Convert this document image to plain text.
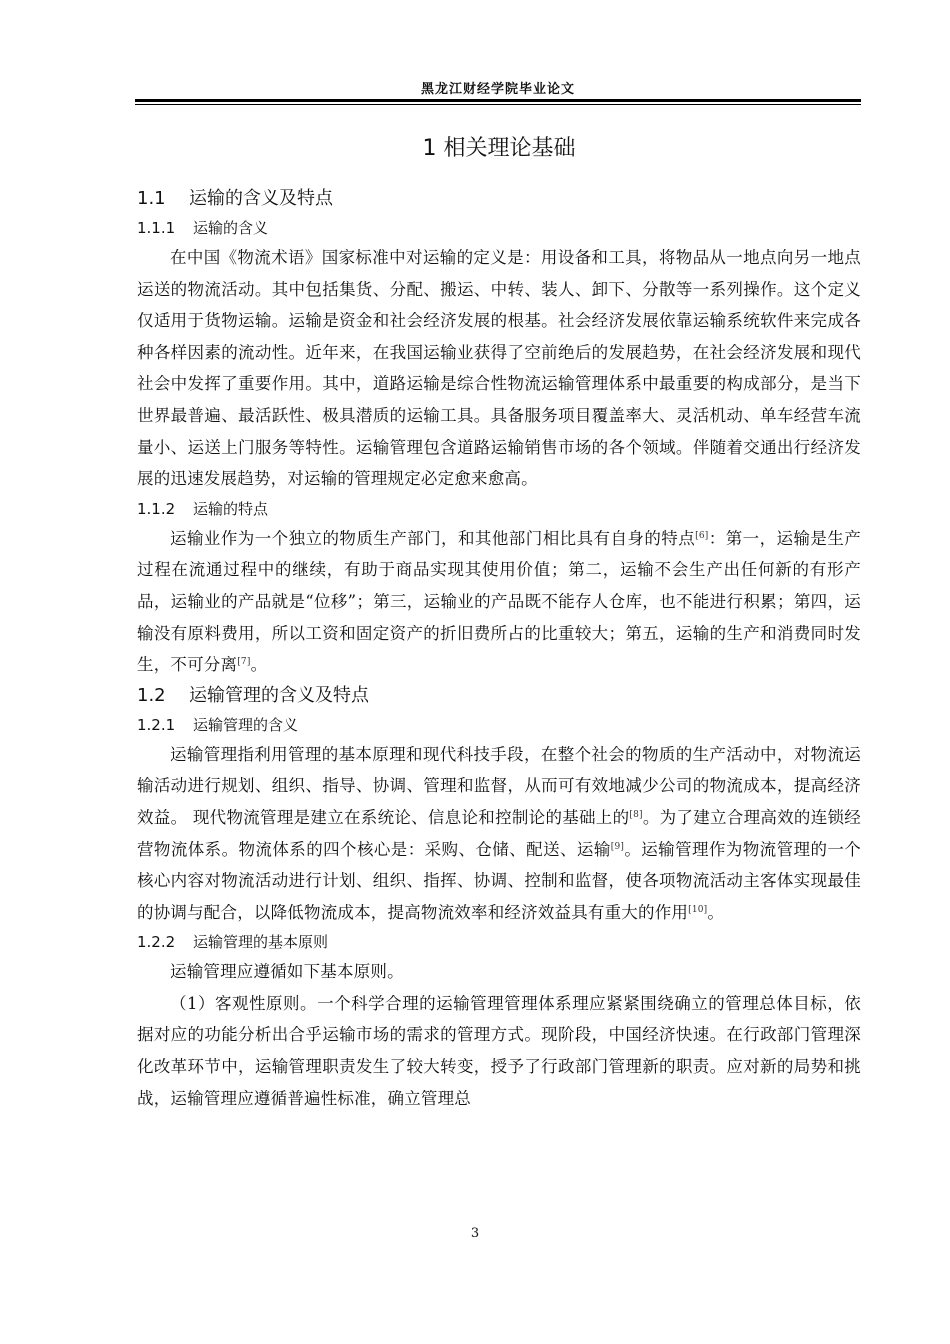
黑龙江财经学院毕业论文
1 相关理论基础
1.1 运输的含义及特点
1.1.1 运输的含义

在中国《物流术语》国家标准中对运输的定义是：用设备和工具，将物品从一地点向另一地点运送的物流活动。其中包括集货、分配、搬运、中转、装人、卸下、分散等一系列操作。这个定义仅适用于货物运输。运输是资金和社会经济发展的根基。社会经济发展依靠运输系统软件来完成各种各样因素的流动性。近年来，在我国运输业获得了空前绝后的发展趋势，在社会经济发展和现代社会中发挥了重要作用。其中，道路运输是综合性物流运输管理体系中最重要的构成部分，是当下世界最普遍、最活跃性、极具潜质的运输工具。具备服务项目覆盖率大、灵活机动、单车经营车流量小、运送上门服务等特性。运输管理包含道路运输销售市场的各个领域。伴随着交通出行经济发展的迅速发展趋势，对运输的管理规定必定愈来愈高。

1.1.2 运输的特点

运输业作为一个独立的物质生产部门，和其他部门相比具有自身的特点[6]：第一，运输是生产过程在流通过程中的继续，有助于商品实现其使用价值；第二，运输不会生产出任何新的有形产品，运输业的产品就是“位移”；第三，运输业的产品既不能存人仓库，也不能进行积累；第四，运输没有原料费用，所以工资和固定资产的折旧费所占的比重较大；第五，运输的生产和消费同时发生，不可分离[7]。

1.2 运输管理的含义及特点
1.2.1 运输管理的含义

运输管理指利用管理的基本原理和现代科技手段，在整个社会的物质的生产活动中，对物流运输活动进行规划、组织、指导、协调、管理和监督，从而可有效地减少公司的物流成本，提高经济效益。 现代物流管理是建立在系统论、信息论和控制论的基础上的[8]。为了建立合理高效的连锁经营物流体系。物流体系的四个核心是：采购、仓储、配送、运输[9]。运输管理作为物流管理的一个核心内容对物流活动进行计划、组织、指挥、协调、控制和监督，使各项物流活动主客体实现最佳的协调与配合，以降低物流成本，提高物流效率和经济效益具有重大的作用[10]。

1.2.2 运输管理的基本原则

运输管理应遵循如下基本原则。

（1）客观性原则。一个科学合理的运输管理管理体系理应紧紧围绕确立的管理总体目标，依据对应的功能分析出合乎运输市场的需求的管理方式。现阶段，中国经济快速。在行政部门管理深化改革环节中，运输管理职责发生了较大转变，授予了行政部门管理新的职责。应对新的局势和挑战，运输管理应遵循普遍性标准，确立管理总

3
